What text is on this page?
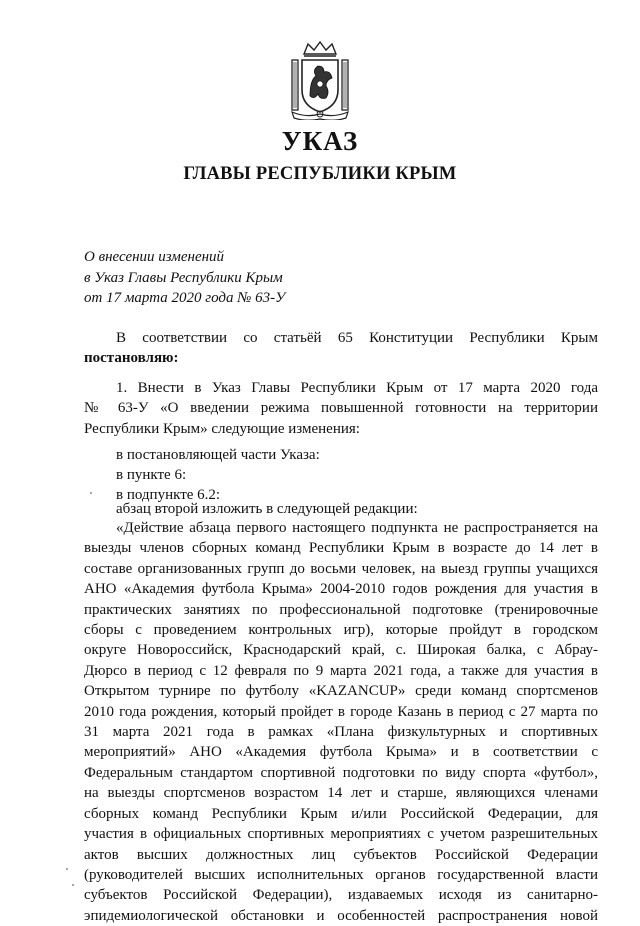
УКАЗ
ГЛАВЫ РЕСПУБЛИКИ КРЫМ
О внесении изменений
в Указ Главы Республики Крым
от 17 марта 2020 года № 63-У
В соответствии со статьёй 65 Конституции Республики Крым
постановляю:
1. Внести в Указ Главы Республики Крым от 17 марта 2020 года
№ 63-У «О введении режима повышенной готовности на территории
Республики Крым» следующие изменения:
в постановляющей части Указа:
в пункте 6:
в подпункте 6.2:
абзац второй изложить в следующей редакции:
«Действие абзаца первого настоящего подпункта не распространяется на
выезды членов сборных команд Республики Крым в возрасте до 14 лет в
составе организованных групп до восьми человек, на выезд группы учащихся
АНО «Академия футбола Крыма» 2004-2010 годов рождения для участия в
практических занятиях по профессиональной подготовке (тренировочные
сборы с проведением контрольных игр), которые пройдут в городском
округе Новороссийск, Краснодарский край, с. Широкая балка, с Абрау-
Дюрсо в период с 12 февраля по 9 марта 2021 года, а также для участия в
Открытом турнире по футболу «KAZANCUP» среди команд спортсменов
2010 года рождения, который пройдет в городе Казань в период с 27 марта по
31 марта 2021 года в рамках «Плана физкультурных и спортивных
мероприятий» АНО «Академия футбола Крыма» и в соответствии с
Федеральным стандартом спортивной подготовки по виду спорта «футбол»,
на выезды спортсменов возрастом 14 лет и старше, являющихся членами
сборных команд Республики Крым и/или Российской Федерации, для
участия в официальных спортивных мероприятиях с учетом разрешительных
актов высших должностных лиц субъектов Российской Федерации
(руководителей высших исполнительных органов государственной власти
субъектов Российской Федерации), издаваемых исходя из санитарно-
эпидемиологической обстановки и особенностей распространения новой
